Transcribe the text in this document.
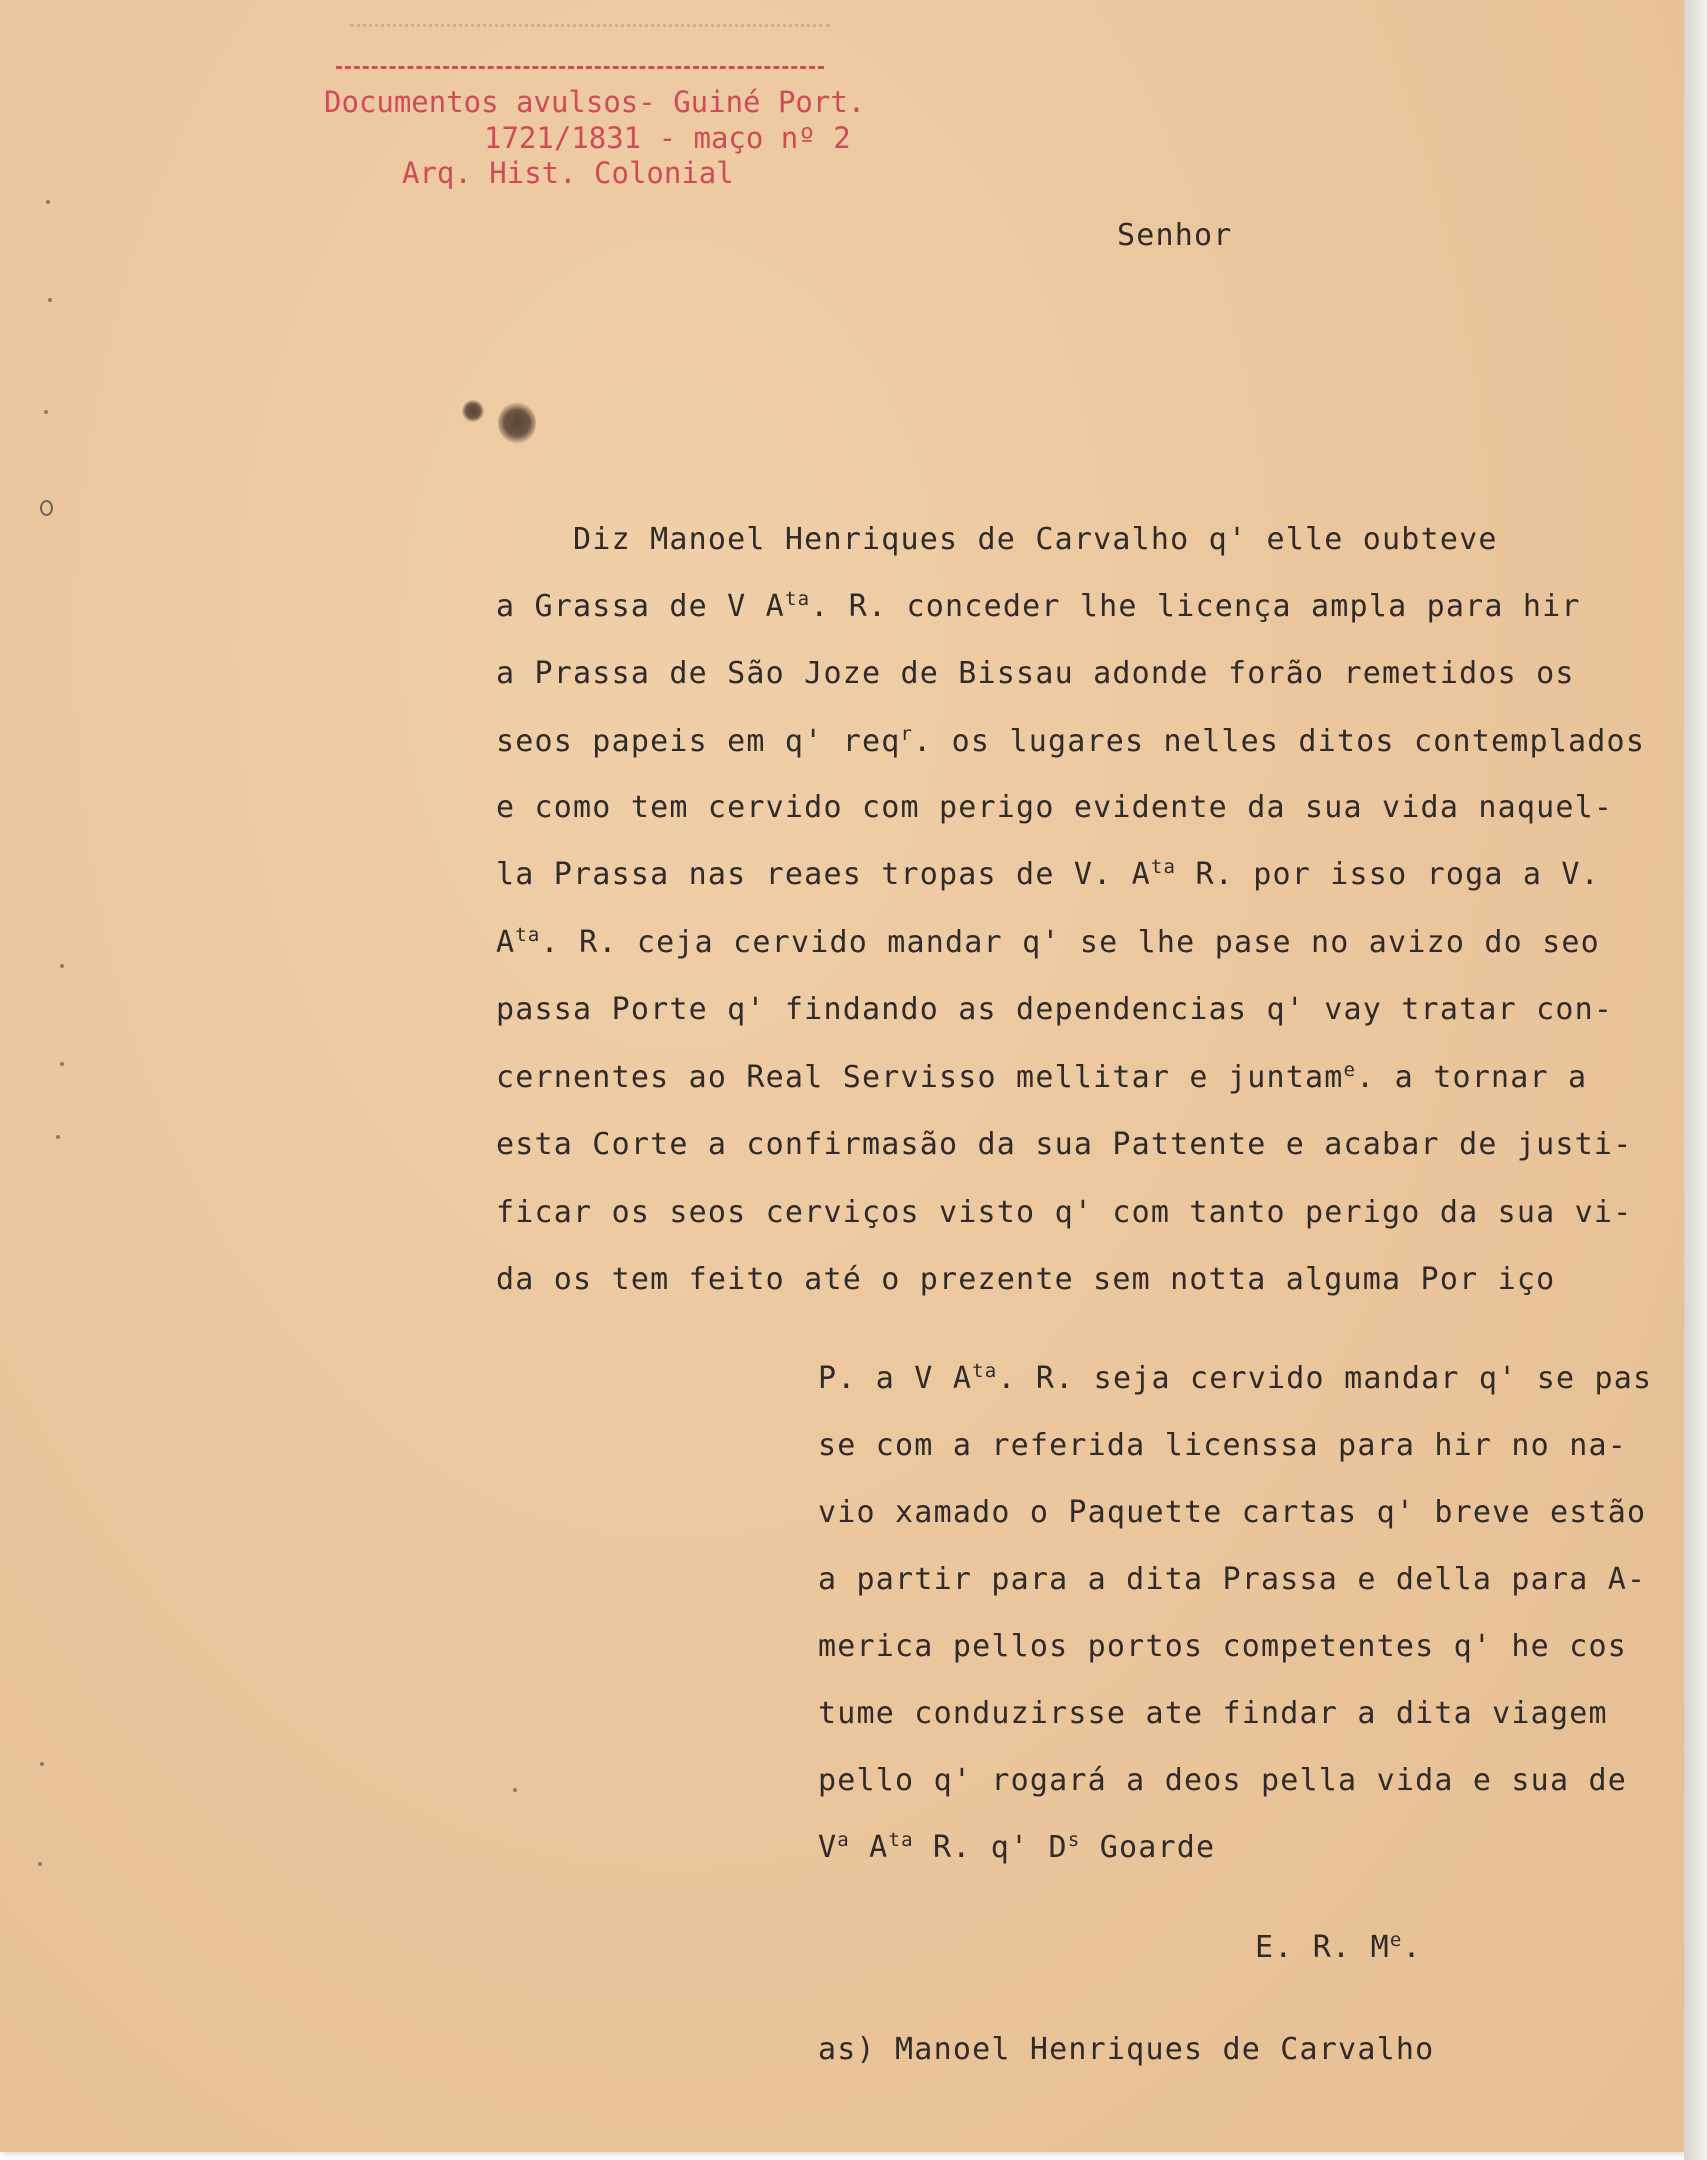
Documentos avulsos- Guiné Port.
1721/1831 - maço nº 2
Arq. Hist. Colonial
Senhor
Diz Manoel Henriques de Carvalho q' elle oubteve
a Grassa de V $A^{ta}$. R. conceder lhe licença ampla para hir
a Prassa de São Joze de Bissau adonde forão remetidos os
seos papeis em q' req$^r$. os lugares nelles ditos contemplados
e como tem cervido com perigo evidente da sua vida naquel-
la Prassa nas reaes tropas de V. $A^{ta}$ R. por isso roga a V.
$A^{ta}$. R. ceja cervido mandar q' se lhe pase no avizo do seo
passa Porte q' findando as dependencias q' vay tratar con-
cernentes ao Real Servisso mellitar e juntam$^e$. a tornar a
esta Corte a confirmasão da sua Pattente e acabar de justi-
ficar os seos cerviços visto q' com tanto perigo da sua vi-
da os tem feito até o prezente sem notta alguma Por iço
P. a V $A^{ta}$. R. seja cervido mandar q' se pas
se com a referida licenssa para hir no na-
vio xamado o Paquette cartas q' breve estão
a partir para a dita Prassa e della para A-
merica pellos portos competentes q' he cos
tume conduzirsse ate findar a dita viagem
pello q' rogará a deos pella vida e sua de
$V^a$ $A^{ta}$ R. q' $D^s$ Goarde
E. R. Me.
as) Manoel Henriques de Carvalho
